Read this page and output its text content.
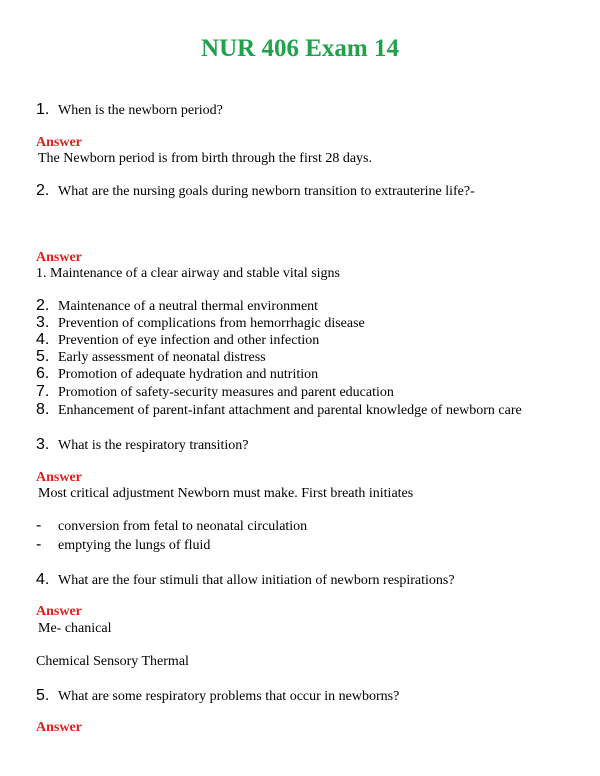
NUR 406 Exam 14
1. When is the newborn period?
Answer
The Newborn period is from birth through the first 28 days.
2. What are the nursing goals during newborn transition to extrauterine life?-
Answer
1. Maintenance of a clear airway and stable vital signs
2. Maintenance of a neutral thermal environment
3. Prevention of complications from hemorrhagic disease
4. Prevention of eye infection and other infection
5. Early assessment of neonatal distress
6. Promotion of adequate hydration and nutrition
7. Promotion of safety-security measures and parent education
8. Enhancement of parent-infant attachment and parental knowledge of newborn care
3. What is the respiratory transition?
Answer
Most critical adjustment Newborn must make. First breath initiates
- conversion from fetal to neonatal circulation
- emptying the lungs of fluid
4. What are the four stimuli that allow initiation of newborn respirations?
Answer
Me- chanical
Chemical Sensory Thermal
5. What are some respiratory problems that occur in newborns?
Answer
